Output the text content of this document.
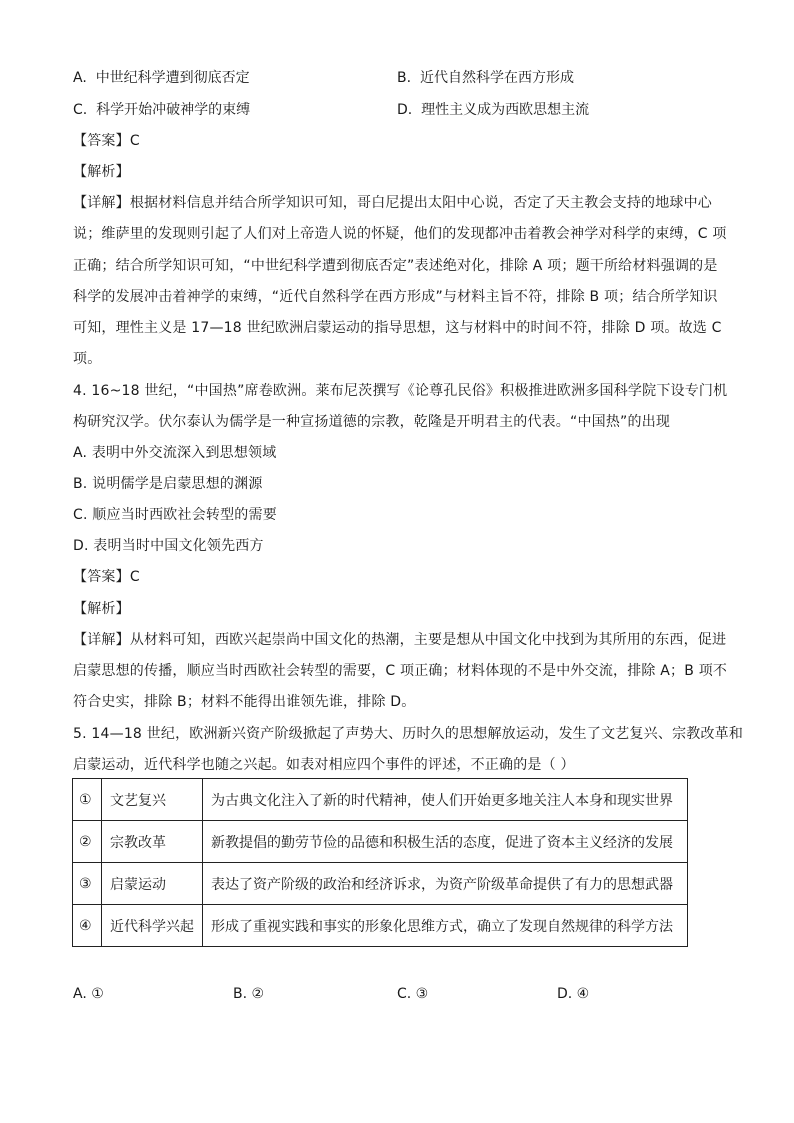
A. 中世纪科学遭到彻底否定	B. 近代自然科学在西方形成
C. 科学开始冲破神学的束缚	D. 理性主义成为西欧思想主流
【答案】C
【解析】
【详解】根据材料信息并结合所学知识可知，哥白尼提出太阳中心说，否定了天主教会支持的地球中心
说；维萨里的发现则引起了人们对上帝造人说的怀疑，他们的发现都冲击着教会神学对科学的束缚，C 项
正确；结合所学知识可知，“中世纪科学遭到彻底否定”表述绝对化，排除 A 项；题干所给材料强调的是
科学的发展冲击着神学的束缚，“近代自然科学在西方形成”与材料主旨不符，排除 B 项；结合所学知识
可知，理性主义是 17—18 世纪欧洲启蒙运动的指导思想，这与材料中的时间不符，排除 D 项。故选 C
项。
4. 16~18 世纪，“中国热”席卷欧洲。莱布尼茨撰写《论尊孔民俗》积极推进欧洲多国科学院下设专门机
构研究汉学。伏尔泰认为儒学是一种宣扬道德的宗教，乾隆是开明君主的代表。“中国热”的出现
A. 表明中外交流深入到思想领域
B. 说明儒学是启蒙思想的渊源
C. 顺应当时西欧社会转型的需要
D. 表明当时中国文化领先西方
【答案】C
【解析】
【详解】从材料可知，西欧兴起崇尚中国文化的热潮，主要是想从中国文化中找到为其所用的东西，促进
启蒙思想的传播，顺应当时西欧社会转型的需要，C 项正确；材料体现的不是中外交流，排除 A；B 项不
符合史实，排除 B；材料不能得出谁领先谁，排除 D。
5. 14—18 世纪，欧洲新兴资产阶级掀起了声势大、历时久的思想解放运动，发生了文艺复兴、宗教改革和
启蒙运动，近代科学也随之兴起。如表对相应四个事件的评述，不正确的是（ ）
①	文艺复兴	为古典文化注入了新的时代精神，使人们开始更多地关注人本身和现实世界
②	宗教改革	新教提倡的勤劳节俭的品德和积极生活的态度，促进了资本主义经济的发展
③	启蒙运动	表达了资产阶级的政治和经济诉求，为资产阶级革命提供了有力的思想武器
④	近代科学兴起	形成了重视实践和事实的形象化思维方式，确立了发现自然规律的科学方法
A. ①	B. ②	C. ③	D. ④
